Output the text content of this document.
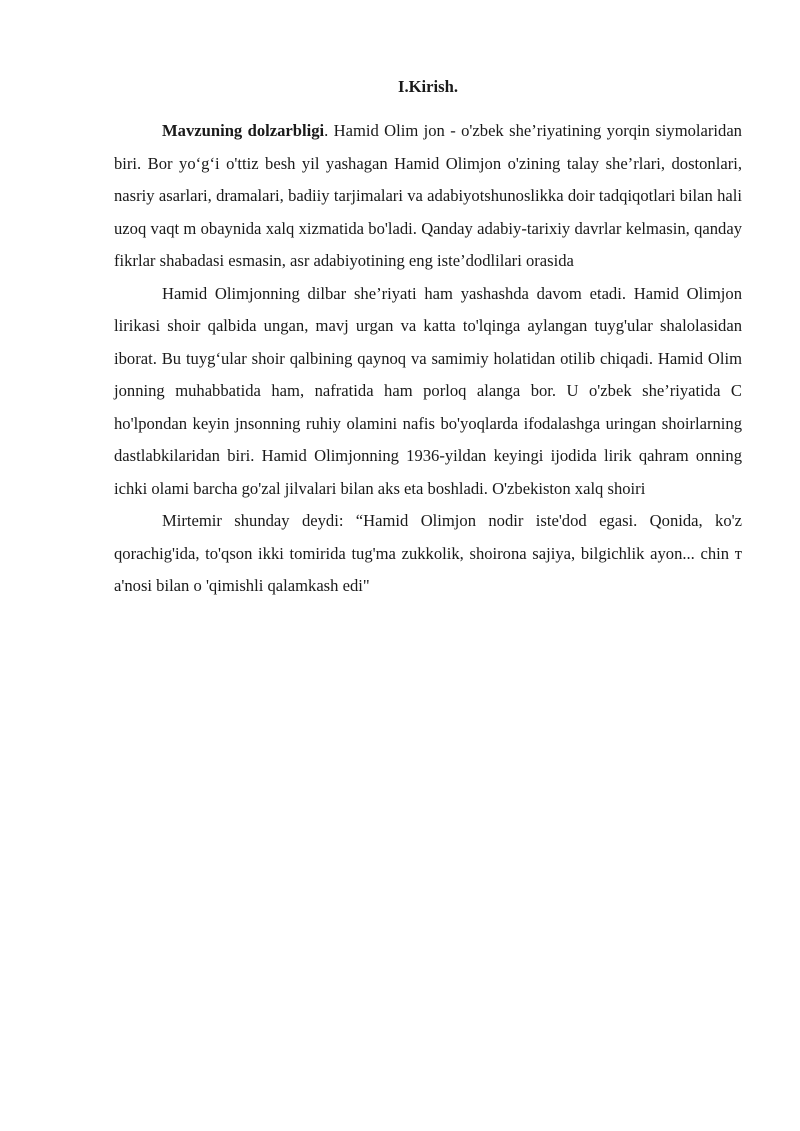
I.Kirish.

Mavzuning dolzarbligi. Hamid Olim jon - o'zbek she’riyatining yorqin siymolaridan biri. Bor yo‘g‘i o'ttiz besh yil yashagan Hamid Olimjon o'zining talay she’rlari, dostonlari, nasriy asarlari, dramalari, badiiy tarjimalari va adabiyotshunoslikka doir tadqiqotlari bilan hali uzoq vaqt m obaynida xalq xizmatida bo'ladi. Qanday adabiy-tarixiy davrlar kelmasin, qanday fikrlar shabadasi esmasin, asr adabiyotining eng iste’dodlilari orasida

Hamid Olimjonning dilbar she’riyati ham yashashda davom etadi. Hamid Olimjon lirikasi shoir qalbida ungan, mavj urgan va katta to'lqinga aylangan tuyg'ular shalolasidan iborat. Bu tuyg‘ular shoir qalbining qaynoq va samimiy holatidan otilib chiqadi. Hamid Olim jonning muhabbatida ham, nafratida ham porloq alanga bor. U o'zbek she’riyatida C ho'lpondan keyin jnsonning ruhiy olamini nafis bo'yoqlarda ifodalashga uringan shoirlarning dastlabkilaridan biri. Hamid Olimjonning 1936-yildan keyingi ijodida lirik qahram onning ichki olami barcha go'zal jilvalari bilan aks eta boshladi. O'zbekiston xalq shoiri

Mirtemir shunday deydi: “Hamid Olimjon nodir iste'dod egasi. Qonida, ko'z qorachig'ida, to'qson ikki tomirida tug'ma zukkolik, shoirona sajiya, bilgichlik ayon... chin т a'nosi bilan o 'qimishli qalamkash edi"
